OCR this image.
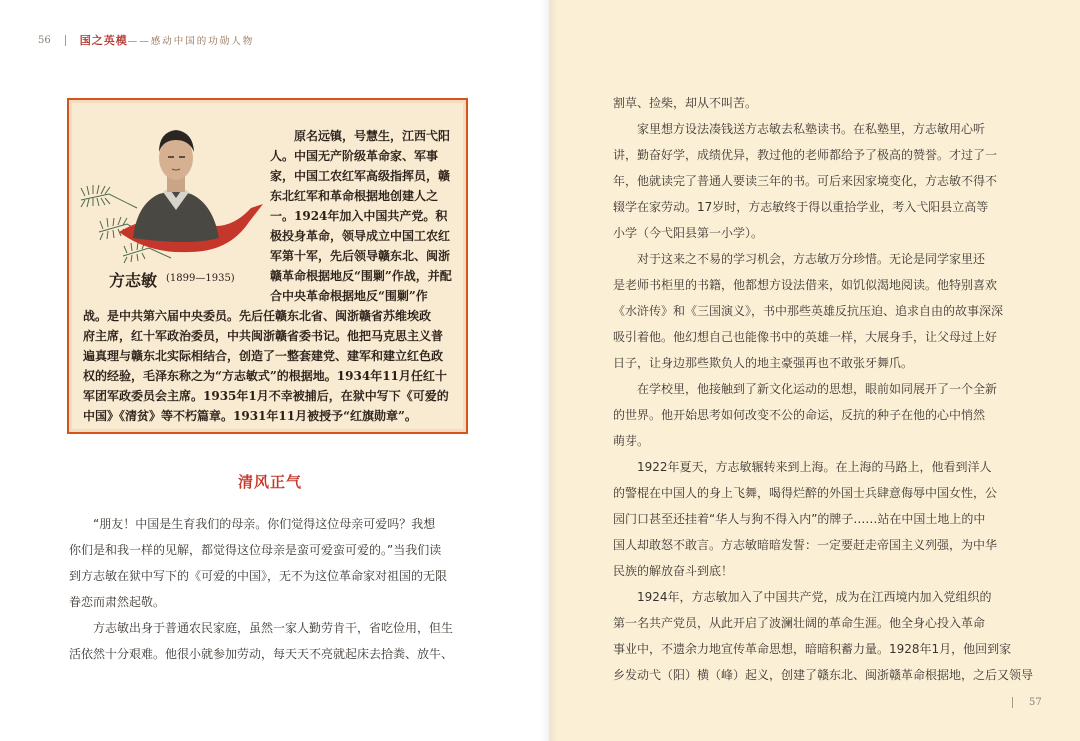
56	国之英模 ——感动中国的功勋人物
方志敏 (1899—1935)
原名远镇，号慧生，江西弋阳
人。中国无产阶级革命家、军事
家，中国工农红军高级指挥员，赣
东北红军和革命根据地创建人之
一。1924年加入中国共产党。积
极投身革命，领导成立中国工农红
军第十军，先后领导赣东北、闽浙
赣革命根据地反“围剿”作战，并配
合中央革命根据地反“围剿”作
战。是中共第六届中央委员。先后任赣东北省、闽浙赣省苏维埃政
府主席，红十军政治委员，中共闽浙赣省委书记。他把马克思主义普
遍真理与赣东北实际相结合，创造了一整套建党、建军和建立红色政
权的经验，毛泽东称之为“方志敏式”的根据地。1934年11月任红十
军团军政委员会主席。1935年1月不幸被捕后，在狱中写下《可爱的
中国》《清贫》等不朽篇章。1931年11月被授予“红旗勋章”。
清风正气
“朋友！中国是生育我们的母亲。你们觉得这位母亲可爱吗？我想
你们是和我一样的见解，都觉得这位母亲是蛮可爱蛮可爱的。”当我们读
到方志敏在狱中写下的《可爱的中国》，无不为这位革命家对祖国的无限
眷恋而肃然起敬。
方志敏出身于普通农民家庭，虽然一家人勤劳肯干，省吃俭用，但生
活依然十分艰难。他很小就参加劳动，每天天不亮就起床去拾粪、放牛、
割草、捡柴，却从不叫苦。
家里想方设法凑钱送方志敏去私塾读书。在私塾里，方志敏用心听
讲，勤奋好学，成绩优异，教过他的老师都给予了极高的赞誉。才过了一
年，他就读完了普通人要读三年的书。可后来因家境变化，方志敏不得不
辍学在家劳动。17岁时，方志敏终于得以重拾学业，考入弋阳县立高等
小学（今弋阳县第一小学）。
对于这来之不易的学习机会，方志敏万分珍惜。无论是同学家里还
是老师书柜里的书籍，他都想方设法借来，如饥似渴地阅读。他特别喜欢
《水浒传》和《三国演义》，书中那些英雄反抗压迫、追求自由的故事深深
吸引着他。他幻想自己也能像书中的英雄一样，大展身手，让父母过上好
日子，让身边那些欺负人的地主豪强再也不敢张牙舞爪。
在学校里，他接触到了新文化运动的思想，眼前如同展开了一个全新
的世界。他开始思考如何改变不公的命运，反抗的种子在他的心中悄然
萌芽。
1922年夏天，方志敏辗转来到上海。在上海的马路上，他看到洋人
的警棍在中国人的身上飞舞，喝得烂醉的外国士兵肆意侮辱中国女性，公
园门口甚至还挂着“华人与狗不得入内”的牌子……站在中国土地上的中
国人却敢怒不敢言。方志敏暗暗发誓：一定要赶走帝国主义列强，为中华
民族的解放奋斗到底！
1924年，方志敏加入了中国共产党，成为在江西境内加入党组织的
第一名共产党员，从此开启了波澜壮阔的革命生涯。他全身心投入革命
事业中，不遗余力地宣传革命思想，暗暗积蓄力量。1928年1月，他回到家
乡发动弋（阳）横（峰）起义，创建了赣东北、闽浙赣革命根据地，之后又领导
57
